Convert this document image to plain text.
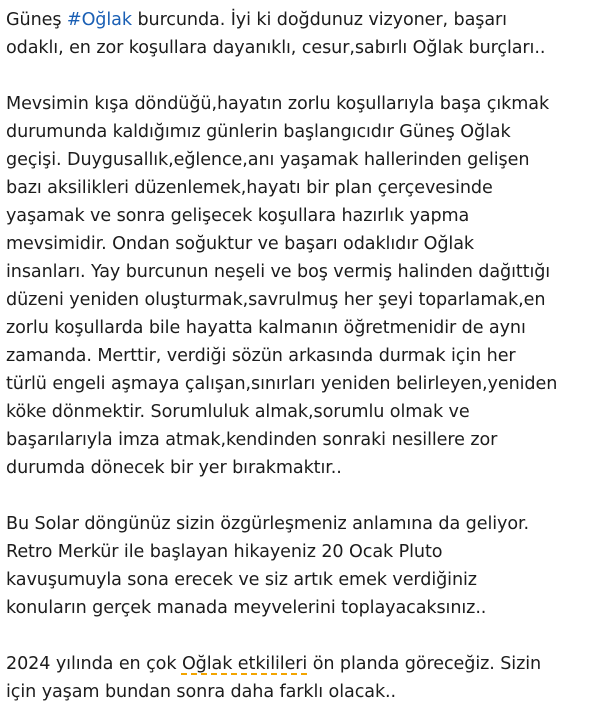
Güneş #Oğlak burcunda. İyi ki doğdunuz vizyoner, başarı
odaklı, en zor koşullara dayanıklı, cesur,sabırlı Oğlak burçları..
Mevsimin kışa döndüğü,hayatın zorlu koşullarıyla başa çıkmak
durumunda kaldığımız günlerin başlangıcıdır Güneş Oğlak
geçişi. Duygusallık,eğlence,anı yaşamak hallerinden gelişen
bazı aksilikleri düzenlemek,hayatı bir plan çerçevesinde
yaşamak ve sonra gelişecek koşullara hazırlık yapma
mevsimidir. Ondan soğuktur ve başarı odaklıdır Oğlak
insanları. Yay burcunun neşeli ve boş vermiş halinden dağıttığı
düzeni yeniden oluşturmak,savrulmuş her şeyi toparlamak,en
zorlu koşullarda bile hayatta kalmanın öğretmenidir de aynı
zamanda. Merttir, verdiği sözün arkasında durmak için her
türlü engeli aşmaya çalışan,sınırları yeniden belirleyen,yeniden
köke dönmektir. Sorumluluk almak,sorumlu olmak ve
başarılarıyla imza atmak,kendinden sonraki nesillere zor
durumda dönecek bir yer bırakmaktır..
Bu Solar döngünüz sizin özgürleşmeniz anlamına da geliyor.
Retro Merkür ile başlayan hikayeniz 20 Ocak Pluto
kavuşumuyla sona erecek ve siz artık emek verdiğiniz
konuların gerçek manada meyvelerini toplayacaksınız..
2024 yılında en çok Oğlak etkilileri ön planda göreceğiz. Sizin
için yaşam bundan sonra daha farklı olacak..
